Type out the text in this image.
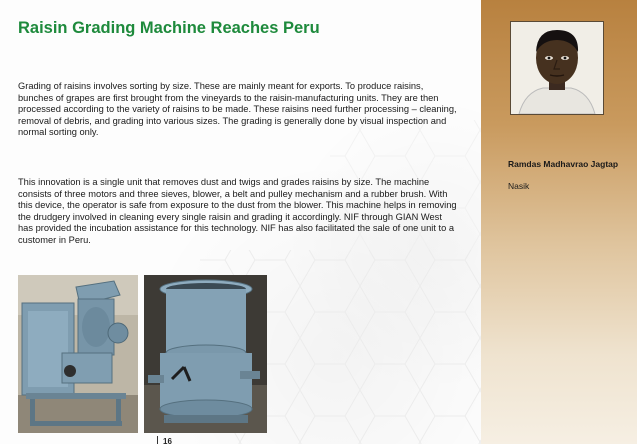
Raisin Grading Machine Reaches Peru

Grading of raisins involves sorting by size. These are mainly meant for exports. To produce raisins, bunches of grapes are first brought from the vineyards to the raisin-manufacturing units. They are then processed according to the variety of raisins to be made. These raisins need further processing – cleaning, removal of debris, and grading into various sizes. The grading is generally done by visual inspection and normal sorting only.

This innovation is a single unit that removes dust and twigs and grades raisins by size. The machine consists of three motors and three sieves, blower, a belt and pulley mechanism and a rubber brush. With this device, the operator is safe from exposure to the dust from the blower. This machine helps in removing the drudgery involved in cleaning every single raisin and grading it accordingly. NIF through GIAN West has provided the incubation assistance for this technology. NIF has also facilitated the sale of one unit to a customer in Peru.

16

Ramdas Madhavrao Jagtap

Nasik
